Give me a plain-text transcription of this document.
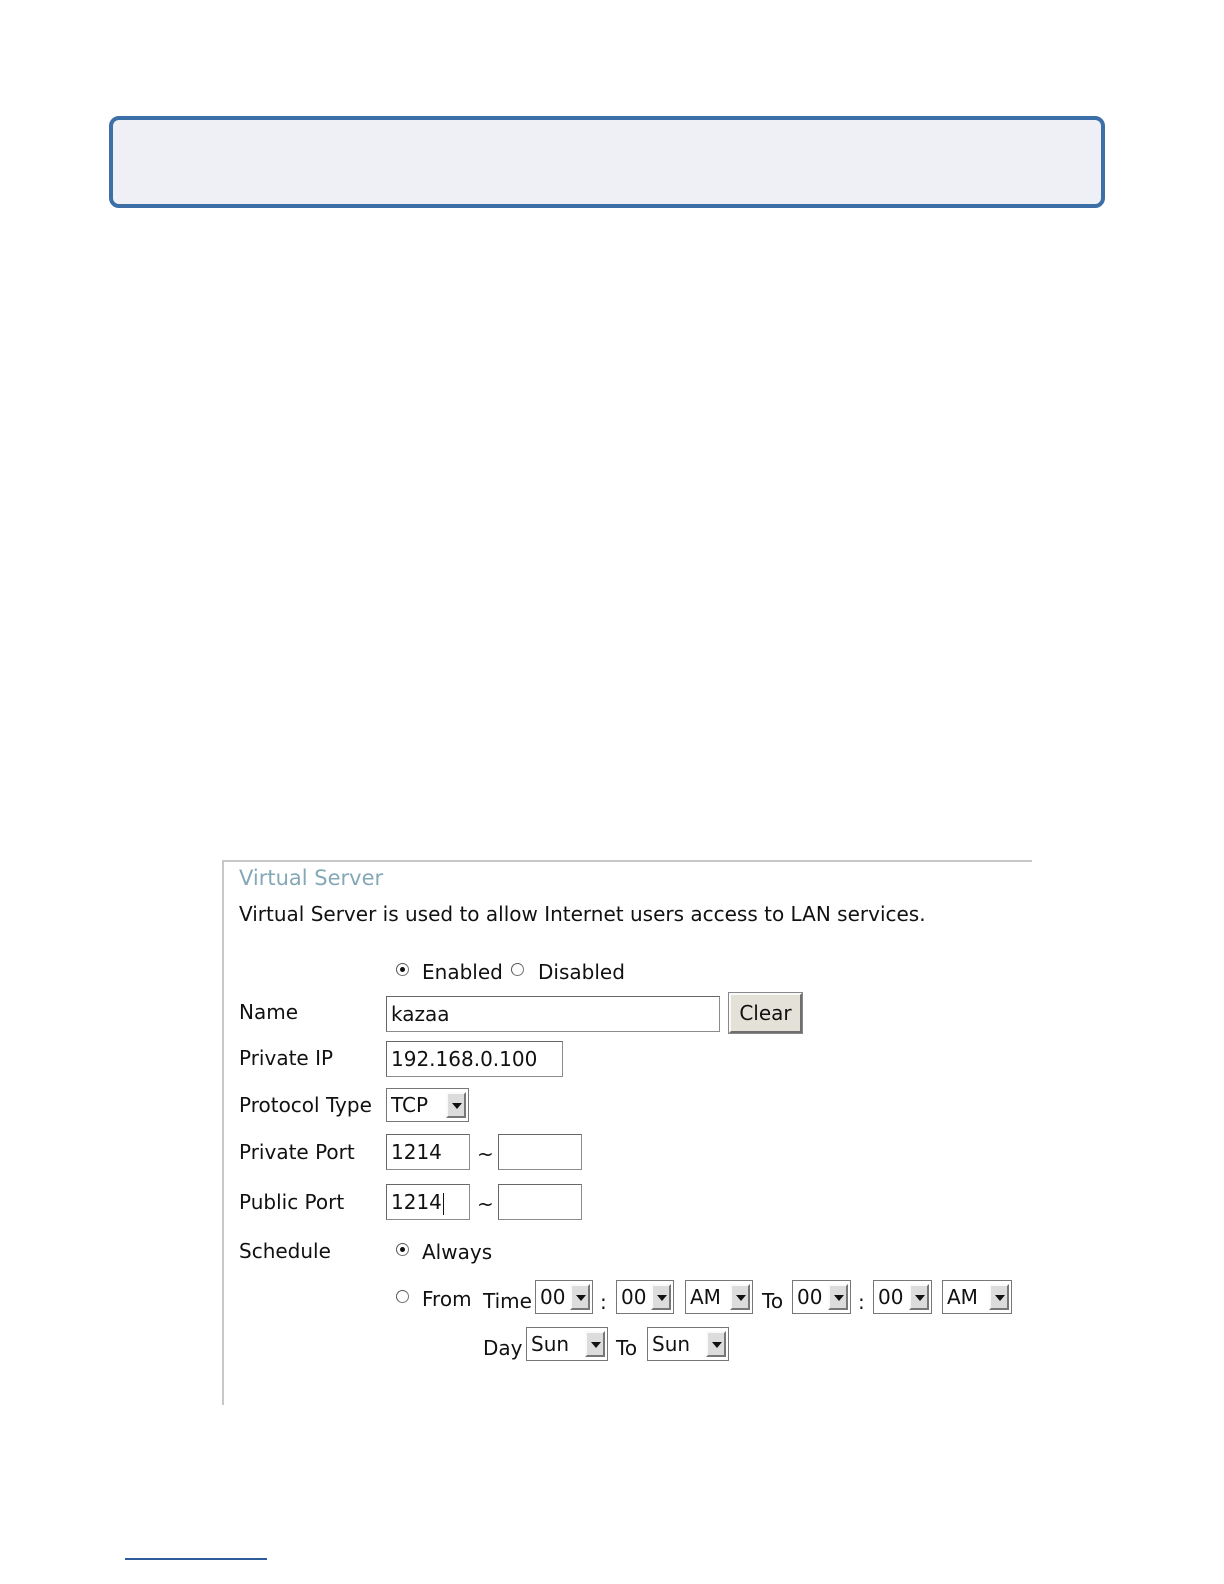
Virtual Server
Virtual Server is used to allow Internet users access to LAN services.
Enabled Disabled
Name	kazaa	Clear
Private IP	192.168.0.100
Protocol Type TCP
Private Port 1214	~
Public Port 1214	~
Schedule	Always
From Time 00	: 00	AM	To 00	: 00	AM
Day Sun	To Sun
